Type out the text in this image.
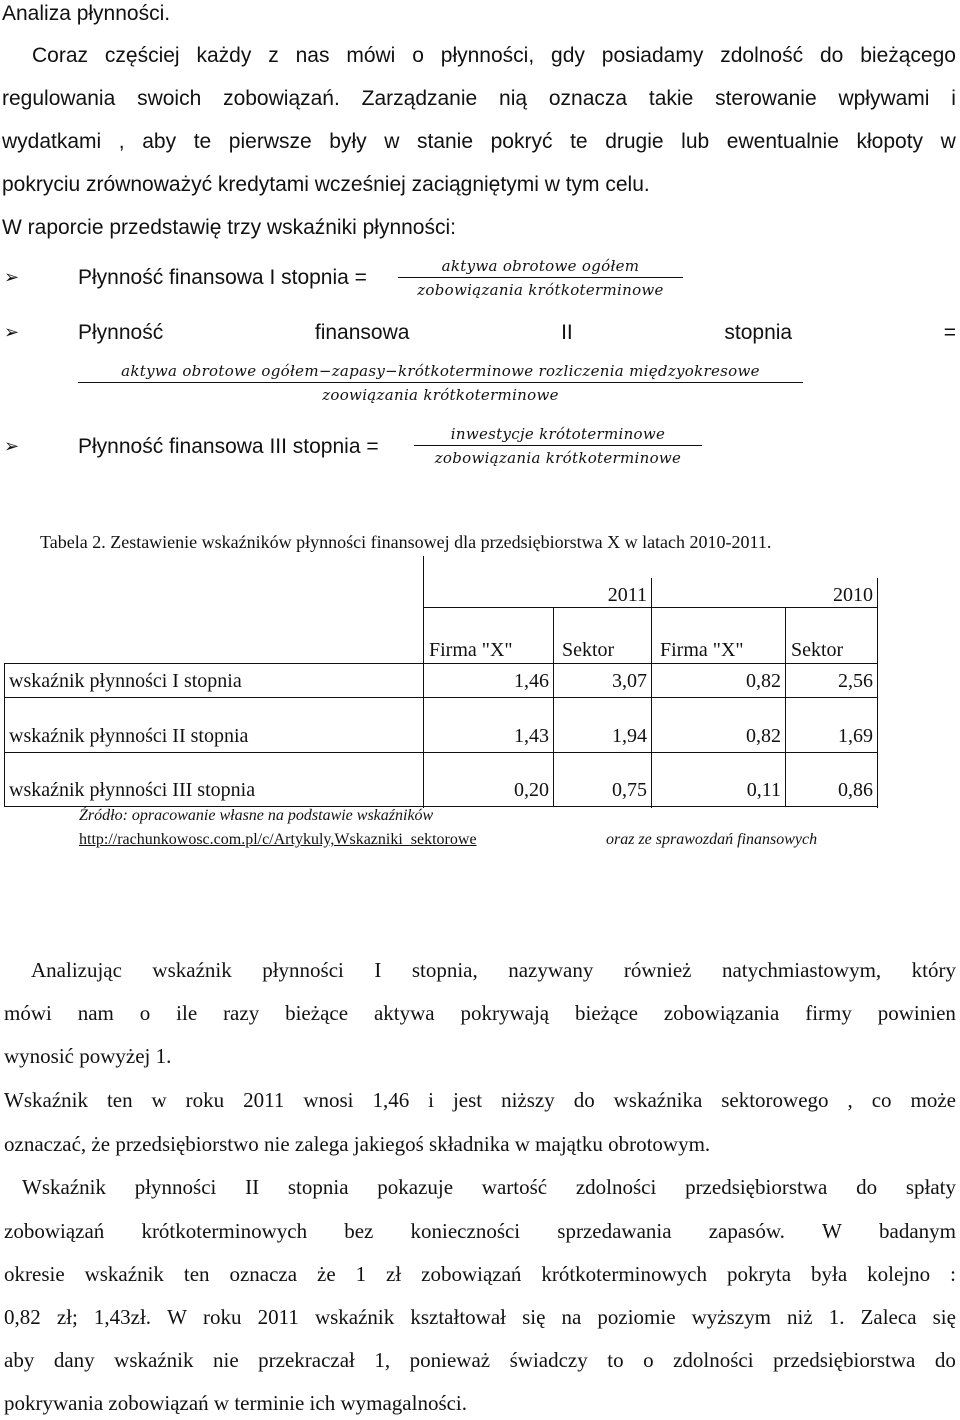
Analiza płynności.
Coraz częściej każdy z nas mówi o płynności, gdy posiadamy zdolność do bieżącego
regulowania swoich zobowiązań. Zarządzanie nią oznacza takie sterowanie wpływami i
wydatkami , aby te pierwsze były w stanie pokryć te drugie lub ewentualnie kłopoty w
pokryciu zrównoważyć kredytami wcześniej zaciągniętymi w tym celu.
W raporcie przedstawię trzy wskaźniki płynności:
➢	Płynność finansowa I stopnia =	aktywa obrotowe ogółem
zobowiązania krótkoterminowe
➢	Płynność	finansowa	II	stopnia	=
aktywa obrotowe ogółem−zapasy−krótkoterminowe rozliczenia międzyokresowe
zoowiązania krótkoterminowe
➢	Płynność finansowa III stopnia =
inwestycje krótoterminowe
zobowiązania krótkoterminowe
Tabela 2. Zestawienie wskaźników płynności finansowej dla przedsiębiorstwa X w latach 2010-2011.
2011	2010
Firma "X" Sektor Firma "X" Sektor
wskaźnik płynności I stopnia	1,46	3,07	0,82	2,56
wskaźnik płynności II stopnia	1,43	1,94	0,82	1,69
wskaźnik płynności III stopnia	0,20	0,75	0,11	0,86
Źródło: opracowanie własne na podstawie wskaźników
http://rachunkowosc.com.pl/c/Artykuly,Wskazniki_sektorowe	oraz ze sprawozdań finansowych
Analizując wskaźnik płynności I stopnia, nazywany również natychmiastowym, który
mówi nam o ile razy bieżące aktywa pokrywają bieżące zobowiązania firmy powinien
wynosić powyżej 1.
Wskaźnik ten w roku 2011 wnosi 1,46 i jest niższy do wskaźnika sektorowego , co może
oznaczać, że przedsiębiorstwo nie zalega jakiegoś składnika w majątku obrotowym.
Wskaźnik płynności II stopnia pokazuje wartość zdolności przedsiębiorstwa do spłaty
zobowiązań krótkoterminowych bez konieczności sprzedawania zapasów. W badanym
okresie wskaźnik ten oznacza że 1 zł zobowiązań krótkoterminowych pokryta była kolejno :
0,82 zł; 1,43zł. W roku 2011 wskaźnik kształtował się na poziomie wyższym niż 1. Zaleca się
aby dany wskaźnik nie przekraczał 1, ponieważ świadczy to o zdolności przedsiębiorstwa do
pokrywania zobowiązań w terminie ich wymagalności.
